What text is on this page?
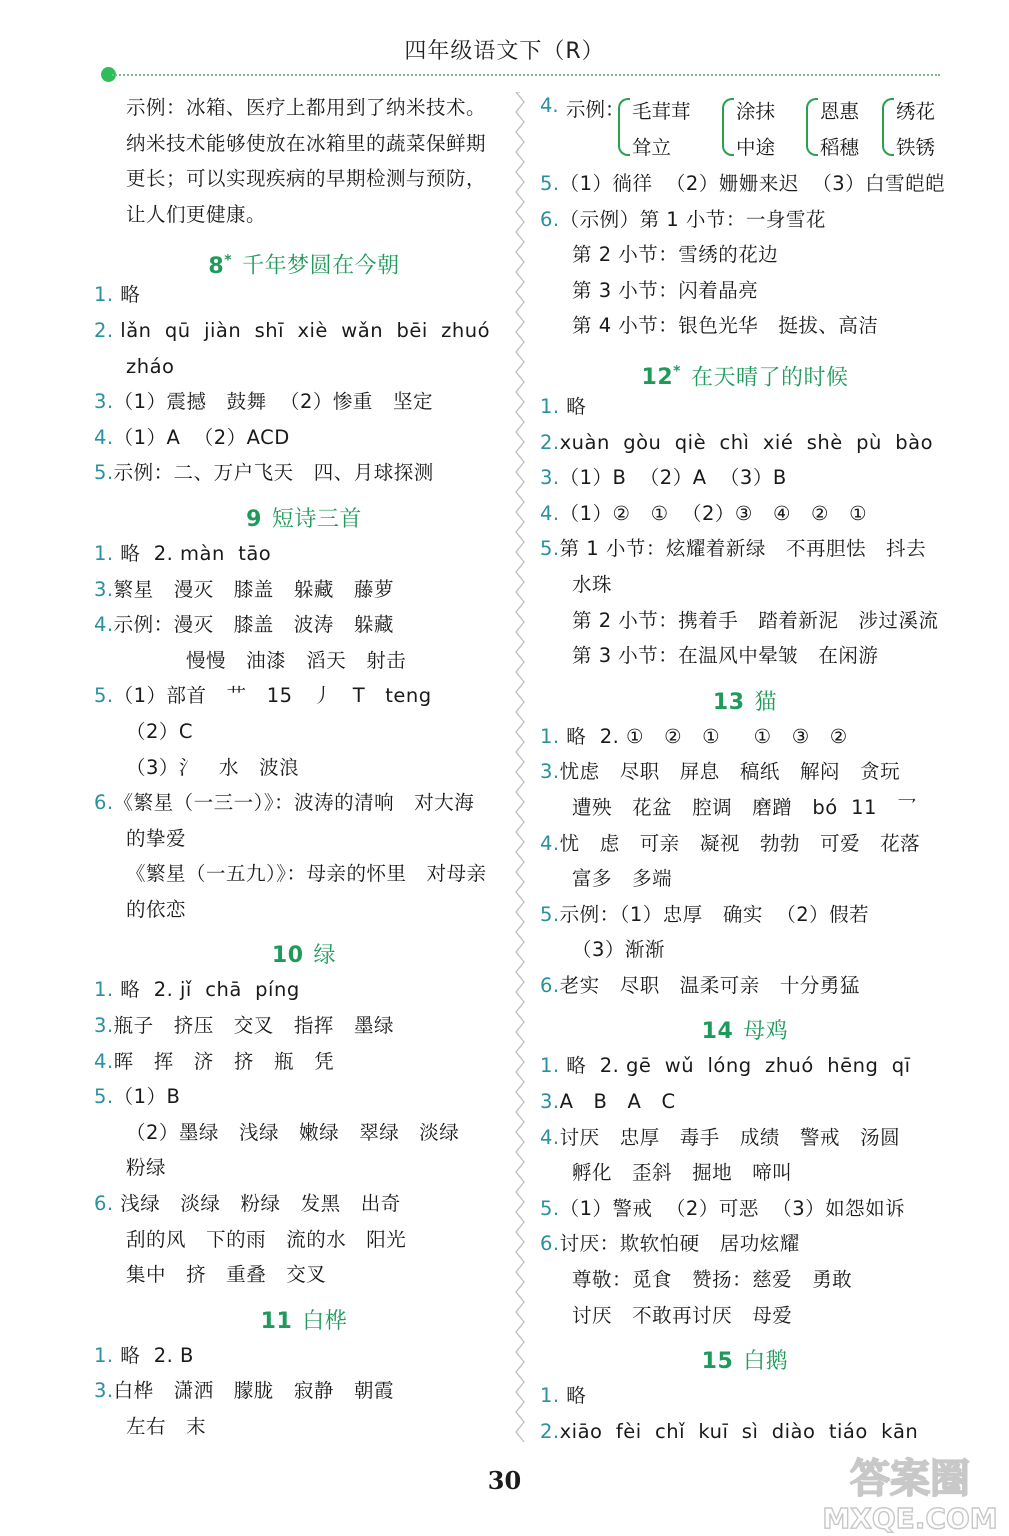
四年级语文下（R）
示例：冰箱、医疗上都用到了纳米技术。
纳米技术能够使放在冰箱里的蔬菜保鲜期
更长；可以实现疾病的早期检测与预防，
让人们更健康。
8* 千年梦圆在今朝
1. 略
2. lǎn  qū  jiàn  shī  xiè  wǎn  bēi  zhuó
zháo
3.（1）震撼   鼓舞  （2）惨重   坚定
4.（1）A  （2）ACD
5.示例：二、万户飞天   四、月球探测
9 短诗三首
1. 略  2. màn  tāo
3.繁星   漫灭   膝盖   躲藏   藤萝
4.示例：漫灭   膝盖   波涛   躲藏
慢慢   油漆   滔天   射击
5.（1）部首   艹   15   丿   T   teng
（2）C
（3）氵   水   波浪
6.《繁星（一三一）》：波涛的清响   对大海
的挚爱
《繁星（一五九）》：母亲的怀里   对母亲
的依恋
10 绿
1. 略  2. jǐ  chā  píng
3.瓶子   挤压   交叉   指挥   墨绿
4.晖   挥   济   挤   瓶   凭
5.（1）B
（2）墨绿   浅绿   嫩绿   翠绿   淡绿
粉绿
6. 浅绿   淡绿   粉绿   发黑   出奇
刮的风   下的雨   流的水   阳光
集中   挤   重叠   交叉
11 白桦
1. 略  2. B
3.白桦   潇洒   朦胧   寂静   朝霞
左右   末
4. 示例： 毛茸茸
耸立
涂抹
中途
恩惠
稻穗
绣花
铁锈
5.（1）徜徉  （2）姗姗来迟  （3）白雪皑皑
6.（示例）第 1 小节：一身雪花
第 2 小节：雪绣的花边
第 3 小节：闪着晶亮
第 4 小节：银色光华   挺拔、高洁
12* 在天晴了的时候
1. 略
2.xuàn  gòu  qiè  chì  xié  shè  pù  bào
3.（1）B  （2）A  （3）B
4.（1）②   ①  （2）③   ④   ②   ①
5.第 1 小节：炫耀着新绿   不再胆怯   抖去
水珠
第 2 小节：携着手   踏着新泥   涉过溪流
第 3 小节：在温风中晕皱   在闲游
13 猫
1. 略  2. ①   ②   ①     ①   ③   ②
3.忧虑   尽职   屏息   稿纸   解闷   贪玩
遭殃   花盆   腔调   磨蹭   bó  11   乛
4.忧   虑   可亲   凝视   勃勃   可爱   花落
富多   多端
5.示例：（1）忠厚   确实  （2）假若
（3）渐渐
6.老实   尽职   温柔可亲   十分勇猛
14 母鸡
1. 略  2. gē  wǔ  lóng  zhuó  hēng  qī
3.A   B   A   C
4.讨厌   忠厚   毒手   成绩   警戒   汤圆
孵化   歪斜   掘地   啼叫
5.（1）警戒  （2）可恶  （3）如怨如诉
6.讨厌：欺软怕硬   居功炫耀
尊敬：觅食   赞扬：慈爱   勇敢
讨厌   不敢再讨厌   母爱
15 白鹅
1. 略
2.xiāo  fèi  chǐ  kuī  sì  diào  tiáo  kān
30	答案圈
MXQE.COM
